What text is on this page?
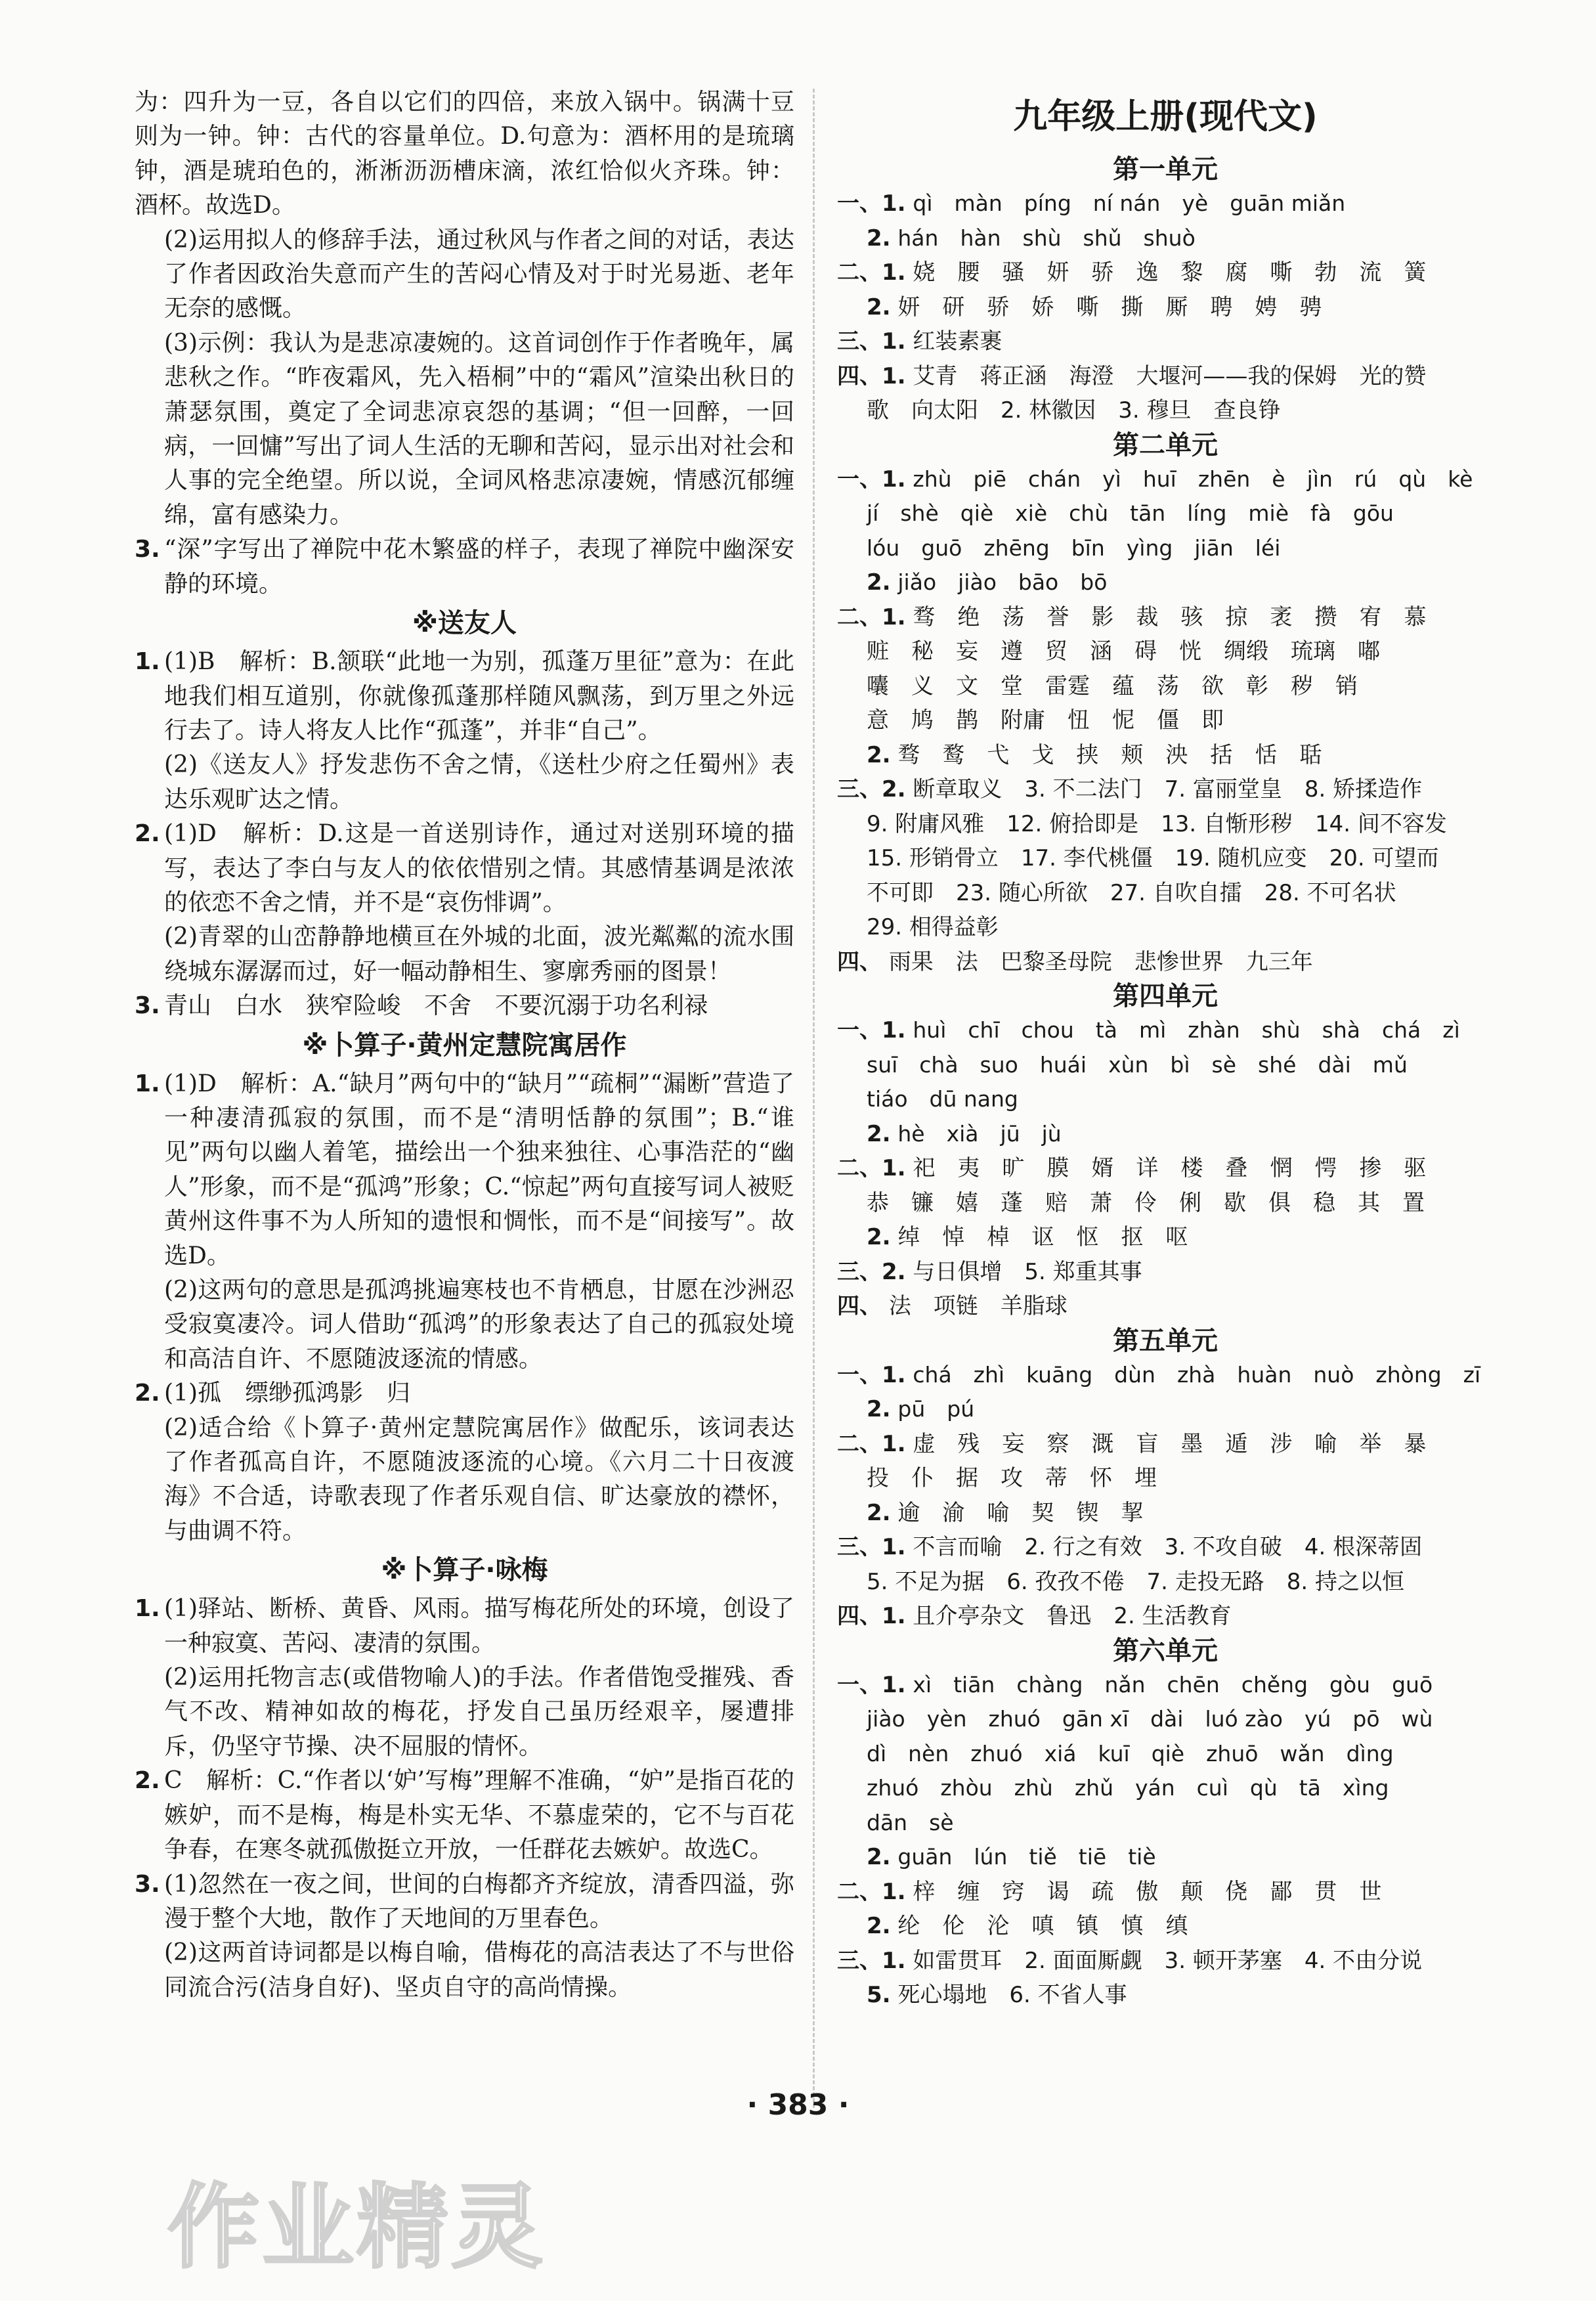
为：四升为一豆，各自以它们的四倍，来放入锅中。锅满十豆则为一钟。钟：古代的容量单位。D.句意为：酒杯用的是琉璃钟，酒是琥珀色的，淅淅沥沥槽床滴，浓红恰似火齐珠。钟：酒杯。故选D。

(2)运用拟人的修辞手法，通过秋风与作者之间的对话，表达了作者因政治失意而产生的苦闷心情及对于时光易逝、老年无奈的感慨。
(3)示例：我认为是悲凉凄婉的。这首词创作于作者晚年，属悲秋之作。“昨夜霜风，先入梧桐”中的“霜风”渲染出秋日的萧瑟氛围，奠定了全词悲凉哀怨的基调；“但一回醉，一回病，一回慵”写出了词人生活的无聊和苦闷，显示出对社会和人事的完全绝望。所以说，全词风格悲凉凄婉，情感沉郁缠绵，富有感染力。
3. “深”字写出了禅院中花木繁盛的样子，表现了禅院中幽深安静的环境。
※送友人
1. (1)B　解析：B.颔联“此地一为别，孤蓬万里征”意为：在此地我们相互道别，你就像孤蓬那样随风飘荡，到万里之外远行去了。诗人将友人比作“孤蓬”，并非“自己”。
(2)《送友人》抒发悲伤不舍之情，《送杜少府之任蜀州》表达乐观旷达之情。
2. (1)D　解析：D.这是一首送别诗作，通过对送别环境的描写，表达了李白与友人的依依惜别之情。其感情基调是浓浓的依恋不舍之情，并不是“哀伤悱调”。
(2)青翠的山峦静静地横亘在外城的北面，波光粼粼的流水围绕城东潺潺而过，好一幅动静相生、寥廓秀丽的图景！
3. 青山　白水　狭窄险峻　不舍　不要沉溺于功名利禄
※卜算子·黄州定慧院寓居作
1. (1)D　解析：A.“缺月”两句中的“缺月”“疏桐”“漏断”营造了一种凄清孤寂的氛围，而不是“清明恬静的氛围”；B.“谁见”两句以幽人着笔，描绘出一个独来独往、心事浩茫的“幽人”形象，而不是“孤鸿”形象；C.“惊起”两句直接写词人被贬黄州这件事不为人所知的遗恨和惆怅，而不是“间接写”。故选D。
(2)这两句的意思是孤鸿挑遍寒枝也不肯栖息，甘愿在沙洲忍受寂寞凄冷。词人借助“孤鸿”的形象表达了自己的孤寂处境和高洁自许、不愿随波逐流的情感。
2. (1)孤　缥缈孤鸿影　归
(2)适合给《卜算子·黄州定慧院寓居作》做配乐，该词表达了作者孤高自许，不愿随波逐流的心境。《六月二十日夜渡海》不合适，诗歌表现了作者乐观自信、旷达豪放的襟怀，与曲调不符。
※卜算子·咏梅
1. (1)驿站、断桥、黄昏、风雨。描写梅花所处的环境，创设了一种寂寞、苦闷、凄清的氛围。
(2)运用托物言志(或借物喻人)的手法。作者借饱受摧残、香气不改、精神如故的梅花，抒发自己虽历经艰辛，屡遭排斥，仍坚守节操、决不屈服的情怀。
2. C　解析：C.“作者以‘妒’写梅”理解不准确，“妒”是指百花的嫉妒，而不是梅，梅是朴实无华、不慕虚荣的，它不与百花争春，在寒冬就孤傲挺立开放，一任群花去嫉妒。故选C。
3. (1)忽然在一夜之间，世间的白梅都齐齐绽放，清香四溢，弥漫于整个大地，散作了天地间的万里春色。
(2)这两首诗词都是以梅自喻，借梅花的高洁表达了不与世俗同流合污(洁身自好)、坚贞自守的高尚情操。
九年级上册(现代文)
第一单元
一、1. qì　màn　píng　ní nán　yè　guān miǎn
2. hán　hàn　shù　shǔ　shuò
二、1. 娆　腰　骚　妍　骄　逸　黎　腐　嘶　勃　流　簧
2. 妍　研　骄　娇　嘶　撕　厮　聘　娉　骋
三、1. 红装素裹
四、1. 艾青　蒋正涵　海澄　大堰河——我的保姆　光的赞
歌　向太阳　2. 林徽因　3. 穆旦　查良铮
第二单元
一、1. zhù　piē　chán　yì　huī　zhēn　è　jìn　rú　qù　kè
jí　shè　qiè　xiè　chù　tān　líng　miè　fà　gōu
lóu　guō　zhēng　bīn　yìng　jiān　léi
2. jiǎo　jiào　bāo　bō
二、1. 骛　绝　荡　誉　影　裁　骇　掠　袤　攒　宥　慕
赃　秘　妄　遵　贸　涵　碍　恍　绸缎　琉璃　嘟
囔　义　文　堂　雷霆　蕴　荡　欲　彰　秽　销
意　鸠　鹊　附庸　忸　怩　僵　即
2. 骛　鹜　弋　戈　挟　颊　泱　括　恬　聒
三、2. 断章取义　3. 不二法门　7. 富丽堂皇　8. 矫揉造作
9. 附庸风雅　12. 俯拾即是　13. 自惭形秽　14. 间不容发
15. 形销骨立　17. 李代桃僵　19. 随机应变　20. 可望而
不可即　23. 随心所欲　27. 自吹自擂　28. 不可名状
29. 相得益彰
四、 雨果　法　巴黎圣母院　悲惨世界　九三年
第四单元
一、1. huì　chī　chou　tà　mì　zhàn　shù　shà　chá　zì
suī　chà　suo　huái　xùn　bì　sè　shé　dài　mǔ
tiáo　dū nang
2. hè　xià　jū　jù
二、1. 祀　夷　旷　膜　婿　详　楼　叠　惘　愕　掺　驱
恭　镰　嬉　蓬　赔　萧　伶　俐　歇　俱　稳　其　置
2. 绰　悼　棹　讴　怄　抠　呕
三、2. 与日俱增　5. 郑重其事
四、 法　项链　羊脂球
第五单元
一、1. chá　zhì　kuāng　dùn　zhà　huàn　nuò　zhòng　zī
2. pū　pú
二、1. 虚　残　妄　察　溉　盲　墨　遁　涉　喻　举　暴
投　仆　据　攻　蒂　怀　埋
2. 逾　渝　喻　契　锲　挈
三、1. 不言而喻　2. 行之有效　3. 不攻自破　4. 根深蒂固
5. 不足为据　6. 孜孜不倦　7. 走投无路　8. 持之以恒
四、1. 且介亭杂文　鲁迅　2. 生活教育
第六单元
一、1. xì　tiān　chàng　nǎn　chēn　chěng　gòu　guō
jiào　yèn　zhuó　gān xī　dài　luó zào　yú　pō　wù
dì　nèn　zhuó　xiá　kuī　qiè　zhuō　wǎn　dìng
zhuó　zhòu　zhù　zhǔ　yán　cuì　qù　tā　xìng
dān　sè
2. guān　lún　tiě　tiē　tiè
二、1. 梓　缠　窍　谒　疏　傲　颠　侥　鄙　贯　世
2. 纶　伦　沦　嗔　镇　慎　缜
三、1. 如雷贯耳　2. 面面厮觑　3. 顿开茅塞　4. 不由分说
5. 死心塌地　6. 不省人事
· 383 ·
作业精灵
